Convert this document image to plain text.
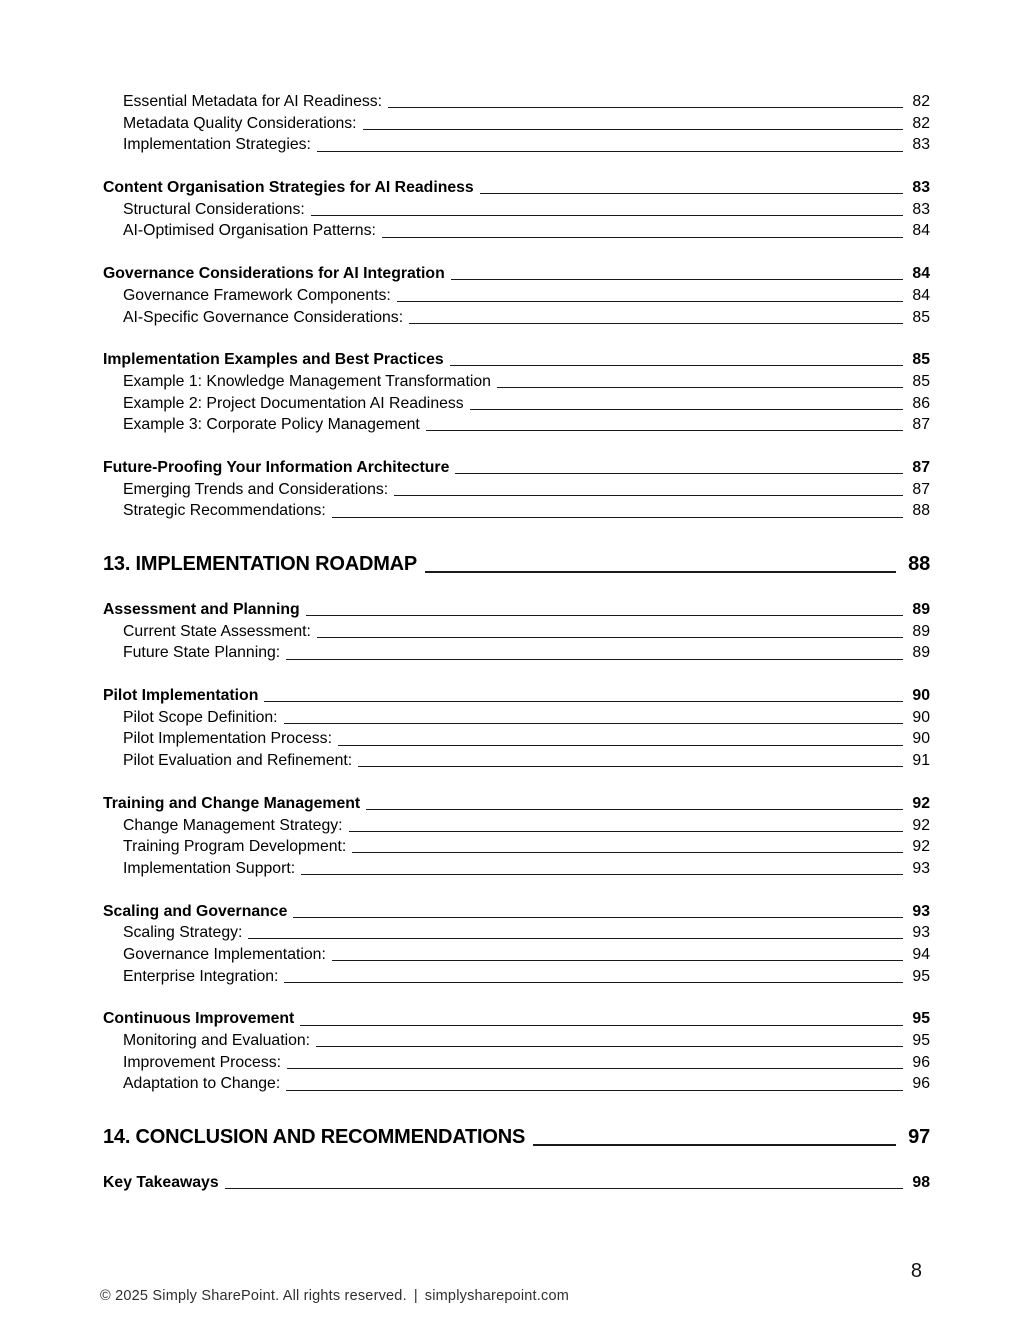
Essential Metadata for AI Readiness:	82
Metadata Quality Considerations:	82
Implementation Strategies:	83
Content Organisation Strategies for AI Readiness	83
Structural Considerations:	83
AI-Optimised Organisation Patterns:	84
Governance Considerations for AI Integration	84
Governance Framework Components:	84
AI-Specific Governance Considerations:	85
Implementation Examples and Best Practices	85
Example 1: Knowledge Management Transformation	85
Example 2: Project Documentation AI Readiness	86
Example 3: Corporate Policy Management	87
Future-Proofing Your Information Architecture	87
Emerging Trends and Considerations:	87
Strategic Recommendations:	88
13. IMPLEMENTATION ROADMAP	88
Assessment and Planning	89
Current State Assessment:	89
Future State Planning:	89
Pilot Implementation	90
Pilot Scope Definition:	90
Pilot Implementation Process:	90
Pilot Evaluation and Refinement:	91
Training and Change Management	92
Change Management Strategy:	92
Training Program Development:	92
Implementation Support:	93
Scaling and Governance	93
Scaling Strategy:	93
Governance Implementation:	94
Enterprise Integration:	95
Continuous Improvement	95
Monitoring and Evaluation:	95
Improvement Process:	96
Adaptation to Change:	96
14. CONCLUSION AND RECOMMENDATIONS	97
Key Takeaways	98
8
© 2025 Simply SharePoint. All rights reserved. | simplysharepoint.com
